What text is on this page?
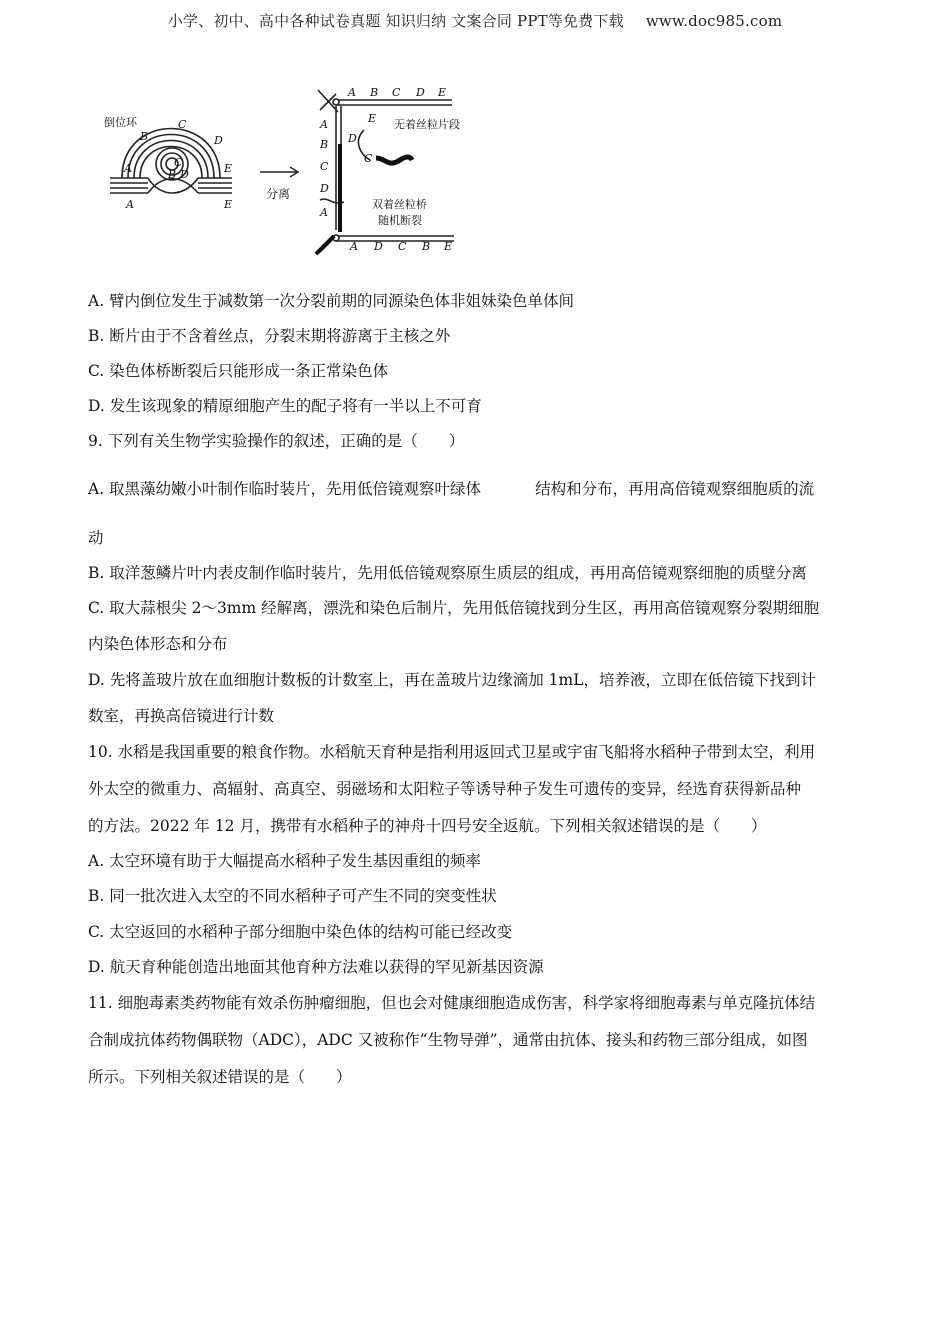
小学、初中、高中各种试卷真题 知识归纳 文案合同 PPT等免费下载 www.doc985.com
倒位环
B
C
D
C
B D
A
A
E
E
分离
A B C D E
A D C B E
A
B
C
D
A
E
D
C
无着丝粒片段
双着丝粒桥
随机断裂
A. 臂内倒位发生于减数第一次分裂前期的同源染色体非姐妹染色单体间
B. 断片由于不含着丝点，分裂末期将游离于主核之外
C. 染色体桥断裂后只能形成一条正常染色体
D. 发生该现象的精原细胞产生的配子将有一半以上不可育
9. 下列有关生物学实验操作的叙述，正确的是（　　）
A. 取黑藻幼嫩小叶制作临时装片，先用低倍镜观察叶绿体	结构和分布，再用高倍镜观察细胞质的流
动
B. 取洋葱鳞片叶内表皮制作临时装片，先用低倍镜观察原生质层的组成，再用高倍镜观察细胞的质壁分离
C. 取大蒜根尖 2～3mm 经解离，漂洗和染色后制片，先用低倍镜找到分生区，再用高倍镜观察分裂期细胞
内染色体形态和分布
D. 先将盖玻片放在血细胞计数板的计数室上，再在盖玻片边缘滴加 1mL，培养液，立即在低倍镜下找到计
数室，再换高倍镜进行计数
10. 水稻是我国重要的粮食作物。水稻航天育种是指利用返回式卫星或宇宙飞船将水稻种子带到太空，利用
外太空的微重力、高辐射、高真空、弱磁场和太阳粒子等诱导种子发生可遗传的变异，经选育获得新品种
的方法。2022 年 12 月，携带有水稻种子的神舟十四号安全返航。下列相关叙述错误的是（　　）
A. 太空环境有助于大幅提高水稻种子发生基因重组的频率
B. 同一批次进入太空的不同水稻种子可产生不同的突变性状
C. 太空返回的水稻种子部分细胞中染色体的结构可能已经改变
D. 航天育种能创造出地面其他育种方法难以获得的罕见新基因资源
11. 细胞毒素类药物能有效杀伤肿瘤细胞，但也会对健康细胞造成伤害，科学家将细胞毒素与单克隆抗体结
合制成抗体药物偶联物（ADC），ADC 又被称作“生物导弹”，通常由抗体、接头和药物三部分组成，如图
所示。下列相关叙述错误的是（　　）
